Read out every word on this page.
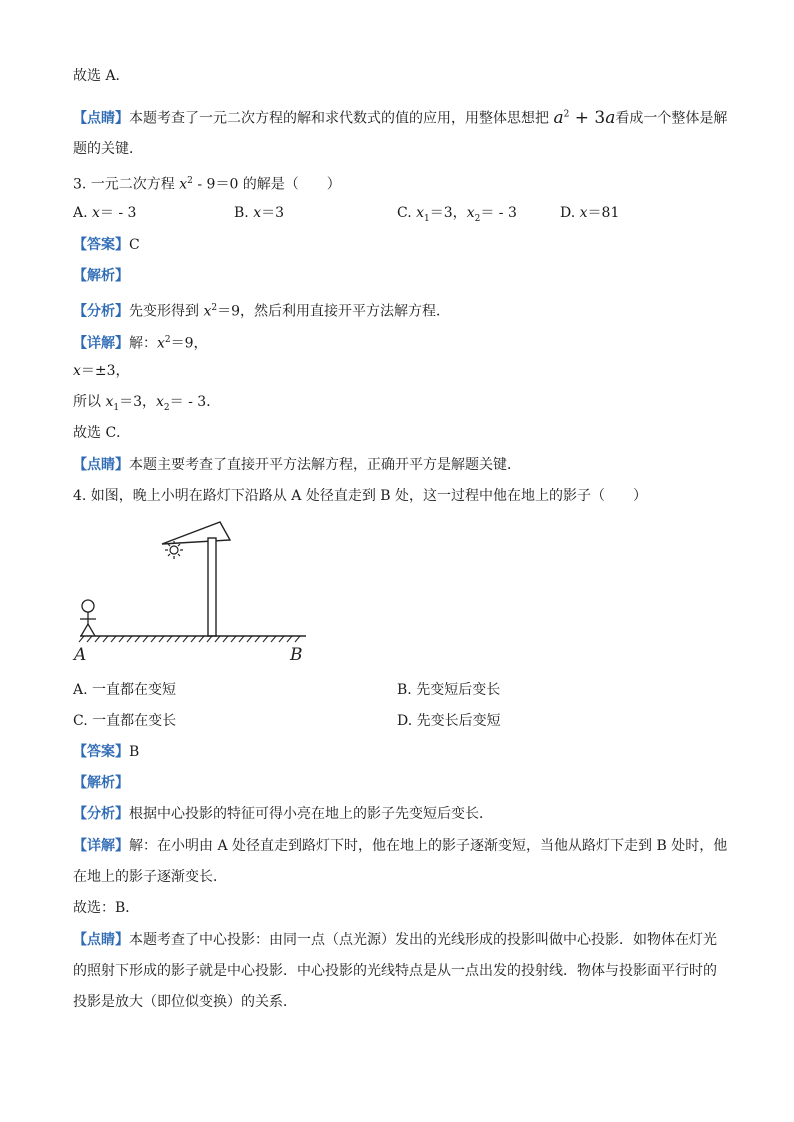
故选 A．
【点睛】本题考查了一元二次方程的解和求代数式的值的应用，用整体思想把 $a^2 + 3a$看成一个整体是解
题的关键．
3. 一元二次方程 $x^2 - 9=0$ 的解是（　　）
A. x＝ - 3	B. x＝3	C. $x_1=3$，$x_2= - 3$	D. x＝81
【答案】C
【解析】
【分析】先变形得到 $x^2=9$，然后利用直接开平方法解方程．
【详解】解：$x^2=9$，
x＝±3，
所以 $x_1=3$，$x_2= - 3$．
故选 C．
【点睛】本题主要考查了直接开平方法解方程，正确开平方是解题关键．
4. 如图，晚上小明在路灯下沿路从 A 处径直走到 B 处，这一过程中他在地上的影子（　　）
A	B
A. 一直都在变短	B. 先变短后变长
C. 一直都在变长	D. 先变长后变短
【答案】B
【解析】
【分析】根据中心投影的特征可得小亮在地上的影子先变短后变长．
【详解】解：在小明由 A 处径直走到路灯下时，他在地上的影子逐渐变短，当他从路灯下走到 B 处时，他
在地上的影子逐渐变长．
故选：B．
【点睛】本题考查了中心投影：由同一点（点光源）发出的光线形成的投影叫做中心投影．如物体在灯光
的照射下形成的影子就是中心投影．中心投影的光线特点是从一点出发的投射线．物体与投影面平行时的
投影是放大（即位似变换）的关系．
